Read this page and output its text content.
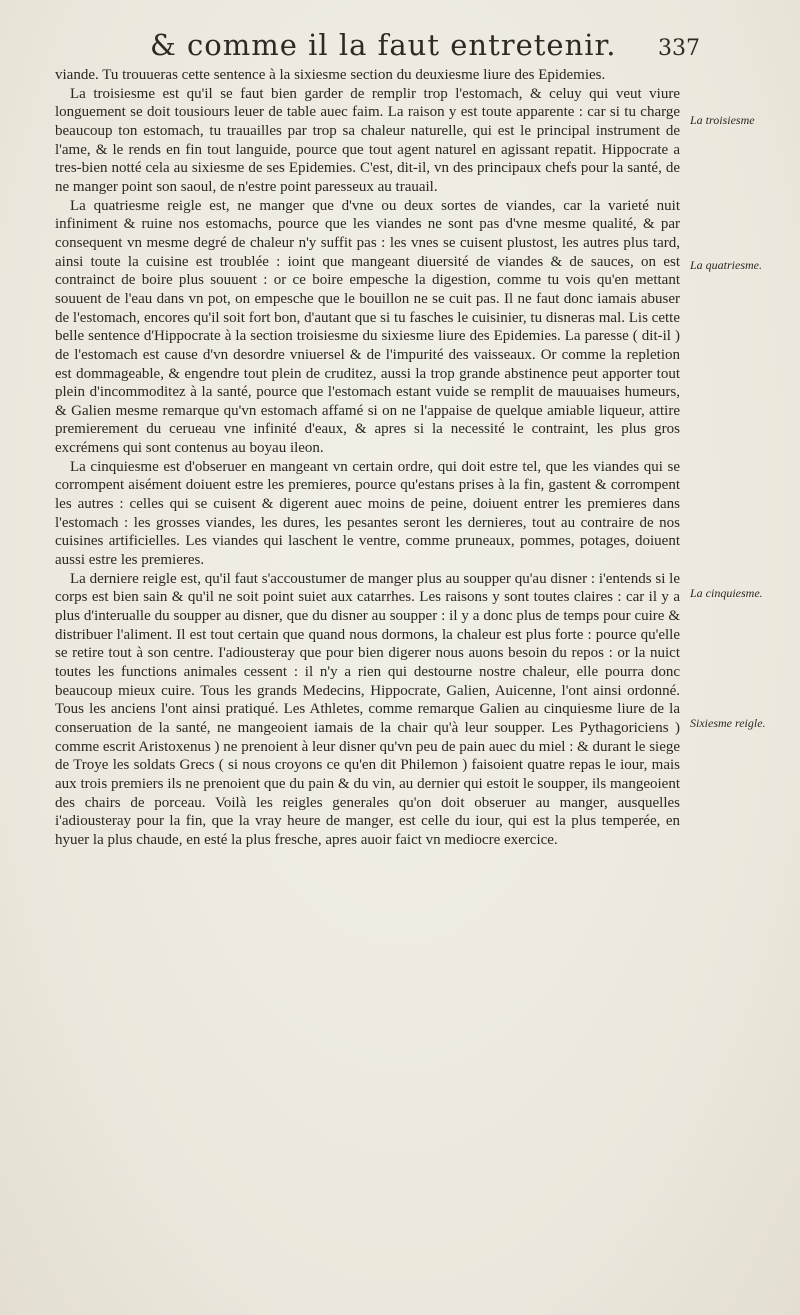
& comme il la faut entretenir. 337

viande. Tu trouueras cette sentence à la sixiesme section du deuxiesme liure des Epidemies.

La troisiesme est qu'il se faut bien garder de remplir trop l'estomach, & celuy qui veut viure longuement se doit tousiours leuer de table auec faim. La raison y est toute apparente : car si tu charge beaucoup ton estomach, tu trauailles par trop sa chaleur naturelle, qui est le principal instrument de l'ame, & le rends en fin tout languide, pource que tout agent naturel en agissant repatit. Hippocrate a tres-bien notté cela au sixiesme de ses Epidemies. C'est, dit-il, vn des principaux chefs pour la santé, de ne manger point son saoul, de n'estre point paresseux au trauail.

La quatriesme reigle est, ne manger que d'vne ou deux sortes de viandes, car la varieté nuit infiniment & ruine nos estomachs, pource que les viandes ne sont pas d'vne mesme qualité, & par consequent vn mesme degré de chaleur n'y suffit pas : les vnes se cuisent plustost, les autres plus tard, ainsi toute la cuisine est troublée : ioint que mangeant diuersité de viandes & de sauces, on est contrainct de boire plus souuent : or ce boire empesche la digestion, comme tu vois qu'en mettant souuent de l'eau dans vn pot, on empesche que le bouillon ne se cuit pas. Il ne faut donc iamais abuser de l'estomach, encores qu'il soit fort bon, d'autant que si tu fasches le cuisinier, tu disneras mal. Lis cette belle sentence d'Hippocrate à la section troisiesme du sixiesme liure des Epidemies. La paresse ( dit-il ) de l'estomach est cause d'vn desordre vniuersel & de l'impurité des vaisseaux. Or comme la repletion est dommageable, & engendre tout plein de cruditez, aussi la trop grande abstinence peut apporter tout plein d'incommoditez à la santé, pource que l'estomach estant vuide se remplit de mauuaises humeurs, & Galien mesme remarque qu'vn estomach affamé si on ne l'appaise de quelque amiable liqueur, attire premierement du cerueau vne infinité d'eaux, & apres si la necessité le contraint, les plus gros excrémens qui sont contenus au boyau ileon.

La cinquiesme est d'obseruer en mangeant vn certain ordre, qui doit estre tel, que les viandes qui se corrompent aisément doiuent estre les premieres, pource qu'estans prises à la fin, gastent & corrompent les autres : celles qui se cuisent & digerent auec moins de peine, doiuent entrer les premieres dans l'estomach : les grosses viandes, les dures, les pesantes seront les dernieres, tout au contraire de nos cuisines artificielles. Les viandes qui laschent le ventre, comme pruneaux, pommes, potages, doiuent aussi estre les premieres.

La derniere reigle est, qu'il faut s'accoustumer de manger plus au soupper qu'au disner : i'entends si le corps est bien sain & qu'il ne soit point suiet aux catarrhes. Les raisons y sont toutes claires : car il y a plus d'interualle du soupper au disner, que du disner au soupper : il y a donc plus de temps pour cuire & distribuer l'aliment. Il est tout certain que quand nous dormons, la chaleur est plus forte : pource qu'elle se retire tout à son centre. I'adiousteray que pour bien digerer nous auons besoin du repos : or la nuict toutes les functions animales cessent : il n'y a rien qui destourne nostre chaleur, elle pourra donc beaucoup mieux cuire. Tous les grands Medecins, Hippocrate, Galien, Auicenne, l'ont ainsi ordonné. Tous les anciens l'ont ainsi pratiqué. Les Athletes, comme remarque Galien au cinquiesme liure de la conseruation de la santé, ne mangeoient iamais de la chair qu'à leur soupper. Les Pythagoriciens ) comme escrit Aristoxenus ) ne prenoient à leur disner qu'vn peu de pain auec du miel : & durant le siege de Troye les soldats Grecs ( si nous croyons ce qu'en dit Philemon ) faisoient quatre repas le iour, mais aux trois premiers ils ne prenoient que du pain & du vin, au dernier qui estoit le soupper, ils mangeoient des chairs de porceau. Voilà les reigles generales qu'on doit obseruer au manger, ausquelles i'adiousteray pour la fin, que la vray heure de manger, est celle du iour, qui est la plus temperée, en hyuer la plus chaude, en esté la plus fresche, apres auoir faict vn mediocre exercice.

La troisiesme
La quatriesme.
La cinquiesme.
Sixiesme reigle.
